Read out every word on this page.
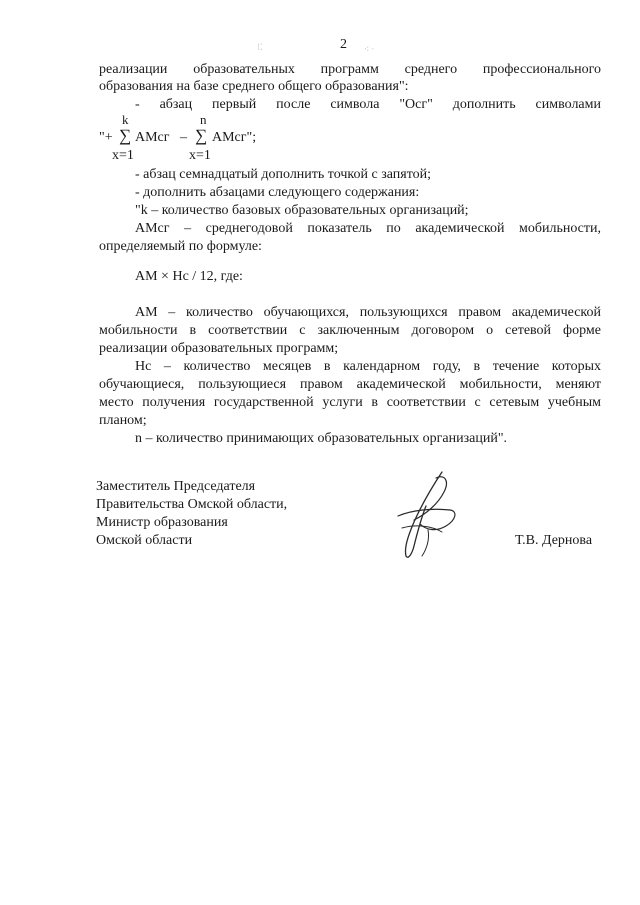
2
реализации образовательных программ среднего профессионального
образования на базе среднего общего образования":
- абзац первый после символа "Осг" дополнить символами
k	n
"+ ∑ АМсг – ∑ АМсг";
x=1	x=1
- абзац семнадцатый дополнить точкой с запятой;
- дополнить абзацами следующего содержания:
"k – количество базовых образовательных организаций;
АМсг – среднегодовой показатель по академической мобильности,
определяемый по формуле:
АМ × Нс / 12, где:
АМ – количество обучающихся, пользующихся правом академической
мобильности в соответствии с заключенным договором о сетевой форме
реализации образовательных программ;
Нс – количество месяцев в календарном году, в течение которых
обучающиеся, пользующиеся правом академической мобильности, меняют
место получения государственной услуги в соответствии с сетевым учебным
планом;
n – количество принимающих образовательных организаций".
Заместитель Председателя
Правительства Омской области,
Министр образования
Омской области	Т.В. Дернова
⁝⁚	⁖ ᐧ
